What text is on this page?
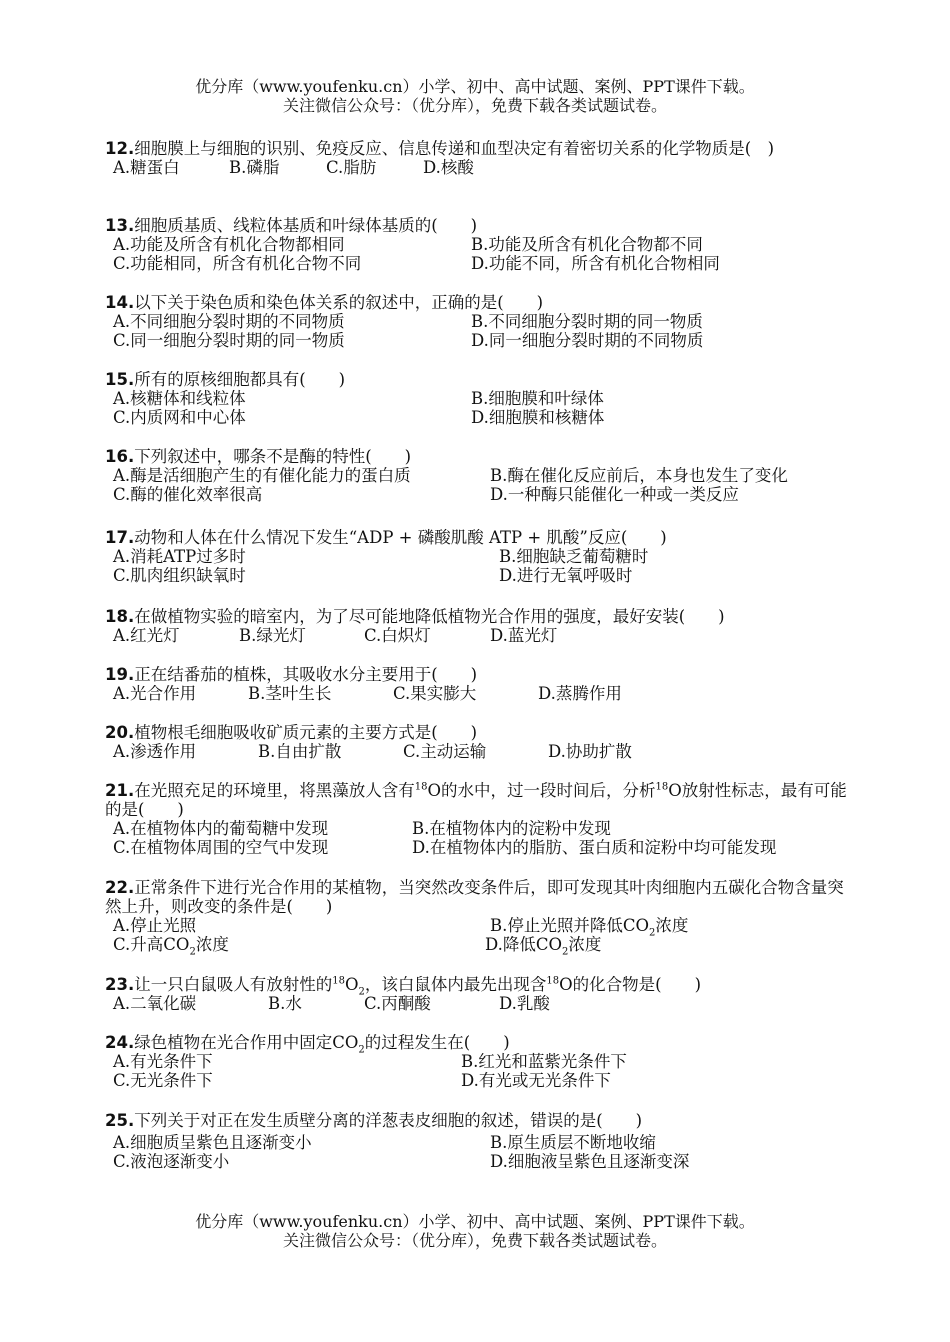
优分库（www.youfenku.cn）小学、初中、高中试题、案例、PPT课件下载。
关注微信公众号：（优分库），免费下载各类试题试卷。
12.细胞膜上与细胞的识别、免疫反应、信息传递和血型决定有着密切关系的化学物质是(　)
A.糖蛋白	B.磷脂	C.脂肪	D.核酸
13.细胞质基质、线粒体基质和叶绿体基质的(　　)
A.功能及所含有机化合物都相同	B.功能及所含有机化合物都不同
C.功能相同，所含有机化合物不同	D.功能不同，所含有机化合物相同
14.以下关于染色质和染色体关系的叙述中，正确的是(　　)
A.不同细胞分裂时期的不同物质	B.不同细胞分裂时期的同一物质
C.同一细胞分裂时期的同一物质	D.同一细胞分裂时期的不同物质
15.所有的原核细胞都具有(　　)
A.核糖体和线粒体	B.细胞膜和叶绿体
C.内质网和中心体	D.细胞膜和核糖体
16.下列叙述中，哪条不是酶的特性(　　)
A.酶是活细胞产生的有催化能力的蛋白质	B.酶在催化反应前后，本身也发生了变化
C.酶的催化效率很高	D.一种酶只能催化一种或一类反应
17.动物和人体在什么情况下发生“ADP + 磷酸肌酸 ATP + 肌酸”反应(　　)
A.消耗ATP过多时	B.细胞缺乏葡萄糖时
C.肌肉组织缺氧时	D.进行无氧呼吸时
18.在做植物实验的暗室内，为了尽可能地降低植物光合作用的强度，最好安装(　　)
A.红光灯	B.绿光灯	C.白炽灯	D.蓝光灯
19.正在结番茄的植株，其吸收水分主要用于(　　)
A.光合作用	B.茎叶生长	C.果实膨大	D.蒸腾作用
20.植物根毛细胞吸收矿质元素的主要方式是(　　)
A.渗透作用	B.自由扩散	C.主动运输	D.协助扩散
21.在光照充足的环境里，将黑藻放人含有$^{18}$O的水中，过一段时间后，分析$^{18}$O放射性标志，最有可能的是(　　)
A.在植物体内的葡萄糖中发现	B.在植物体内的淀粉中发现
C.在植物体周围的空气中发现	D.在植物体内的脂肪、蛋白质和淀粉中均可能发现
22.正常条件下进行光合作用的某植物，当突然改变条件后，即可发现其叶肉细胞内五碳化合物含量突然上升，则改变的条件是(　　)
A.停止光照	B.停止光照并降低$CO_2$浓度
C.升高$CO_2$浓度	D.降低$CO_2$浓度
23.让一只白鼠吸人有放射性的$^{18}O_2$，该白鼠体内最先出现含$^{18}$O的化合物是(　　)
A.二氧化碳	B.水	C.丙酮酸	D.乳酸
24.绿色植物在光合作用中固定$CO_2$的过程发生在(　　)
A.有光条件下	B.红光和蓝紫光条件下
C.无光条件下	D.有光或无光条件下
25.下列关于对正在发生质壁分离的洋葱表皮细胞的叙述，错误的是(　　)
A.细胞质呈紫色且逐渐变小	B.原生质层不断地收缩
C.液泡逐渐变小	D.细胞液呈紫色且逐渐变深
优分库（www.youfenku.cn）小学、初中、高中试题、案例、PPT课件下载。
关注微信公众号：（优分库），免费下载各类试题试卷。
